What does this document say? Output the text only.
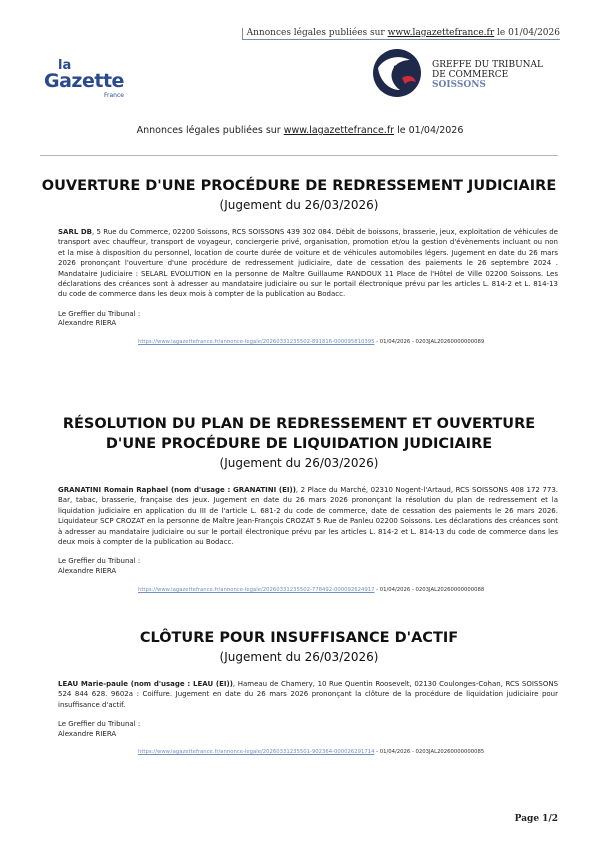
Annonces légales publiées sur www.lagazettefrance.fr le 01/04/2026
la
Gazette
France
GREFFE DU TRIBUNAL
DE COMMERCE
SOISSONS
Annonces légales publiées sur www.lagazettefrance.fr le 01/04/2026
OUVERTURE D'UNE PROCÉDURE DE REDRESSEMENT JUDICIAIRE
(Jugement du 26/03/2026)

SARL DB, 5 Rue du Commerce, 02200 Soissons, RCS SOISSONS 439 302 084. Débit de boissons, brasserie, jeux, exploitation de véhicules de transport avec chauffeur, transport de voyageur, conciergerie privé, organisation, promotion et/ou la gestion d'évènements incluant ou non et la mise à disposition du personnel, location de courte durée de voiture et de véhicules automobiles légers. Jugement en date du 26 mars 2026 prononçant l'ouverture d'une procédure de redressement judiciaire, date de cessation des paiements le 26 septembre 2024 . Mandataire Judiciaire : SELARL EVOLUTION en la personne de Maître Guillaume RANDOUX 11 Place de l'Hôtel de Ville 02200 Soissons. Les déclarations des créances sont à adresser au mandataire judiciaire ou sur le portail électronique prévu par les articles L. 814-2 et L. 814-13 du code de commerce dans les deux mois à compter de la publication au Bodacc.

Le Greffier du Tribunal :
Alexandre RIERA
https://www.lagazettefrance.fr/annonce-legale/20260331235502-891816-000095810395 - 01/04/2026 - 0203JAL20260000000089
RÉSOLUTION DU PLAN DE REDRESSEMENT ET OUVERTURE D'UNE PROCÉDURE DE LIQUIDATION JUDICIAIRE
(Jugement du 26/03/2026)

GRANATINI Romain Raphael (nom d'usage : GRANATINI (EI)), 2 Place du Marché, 02310 Nogent-l'Artaud, RCS SOISSONS 408 172 773. Bar, tabac, brasserie, française des jeux. Jugement en date du 26 mars 2026 prononçant la résolution du plan de redressement et la liquidation judiciaire en application du III de l'article L. 681-2 du code de commerce, date de cessation des paiements le 26 mars 2026. Liquidateur SCP CROZAT en la personne de Maître Jean-François CROZAT 5 Rue de Panleu 02200 Soissons. Les déclarations des créances sont à adresser au mandataire judiciaire ou sur le portail électronique prévu par les articles L. 814-2 et L. 814-13 du code de commerce dans les deux mois à compter de la publication au Bodacc.

Le Greffier du Tribunal :
Alexandre RIERA
https://www.lagazettefrance.fr/annonce-legale/20260331235502-778492-000092624917 - 01/04/2026 - 0203JAL20260000000088
CLÔTURE POUR INSUFFISANCE D'ACTIF
(Jugement du 26/03/2026)

LEAU Marie-paule (nom d'usage : LEAU (EI)), Hameau de Chamery, 10 Rue Quentin Roosevelt, 02130 Coulonges-Cohan, RCS SOISSONS 524 844 628. 9602a : Coiffure. Jugement en date du 26 mars 2026 prononçant la clôture de la procédure de liquidation judiciaire pour insuffisance d'actif.

Le Greffier du Tribunal :
Alexandre RIERA
https://www.lagazettefrance.fr/annonce-legale/20260331235501-902364-000026291714 - 01/04/2026 - 0203JAL20260000000085
Page 1/2
